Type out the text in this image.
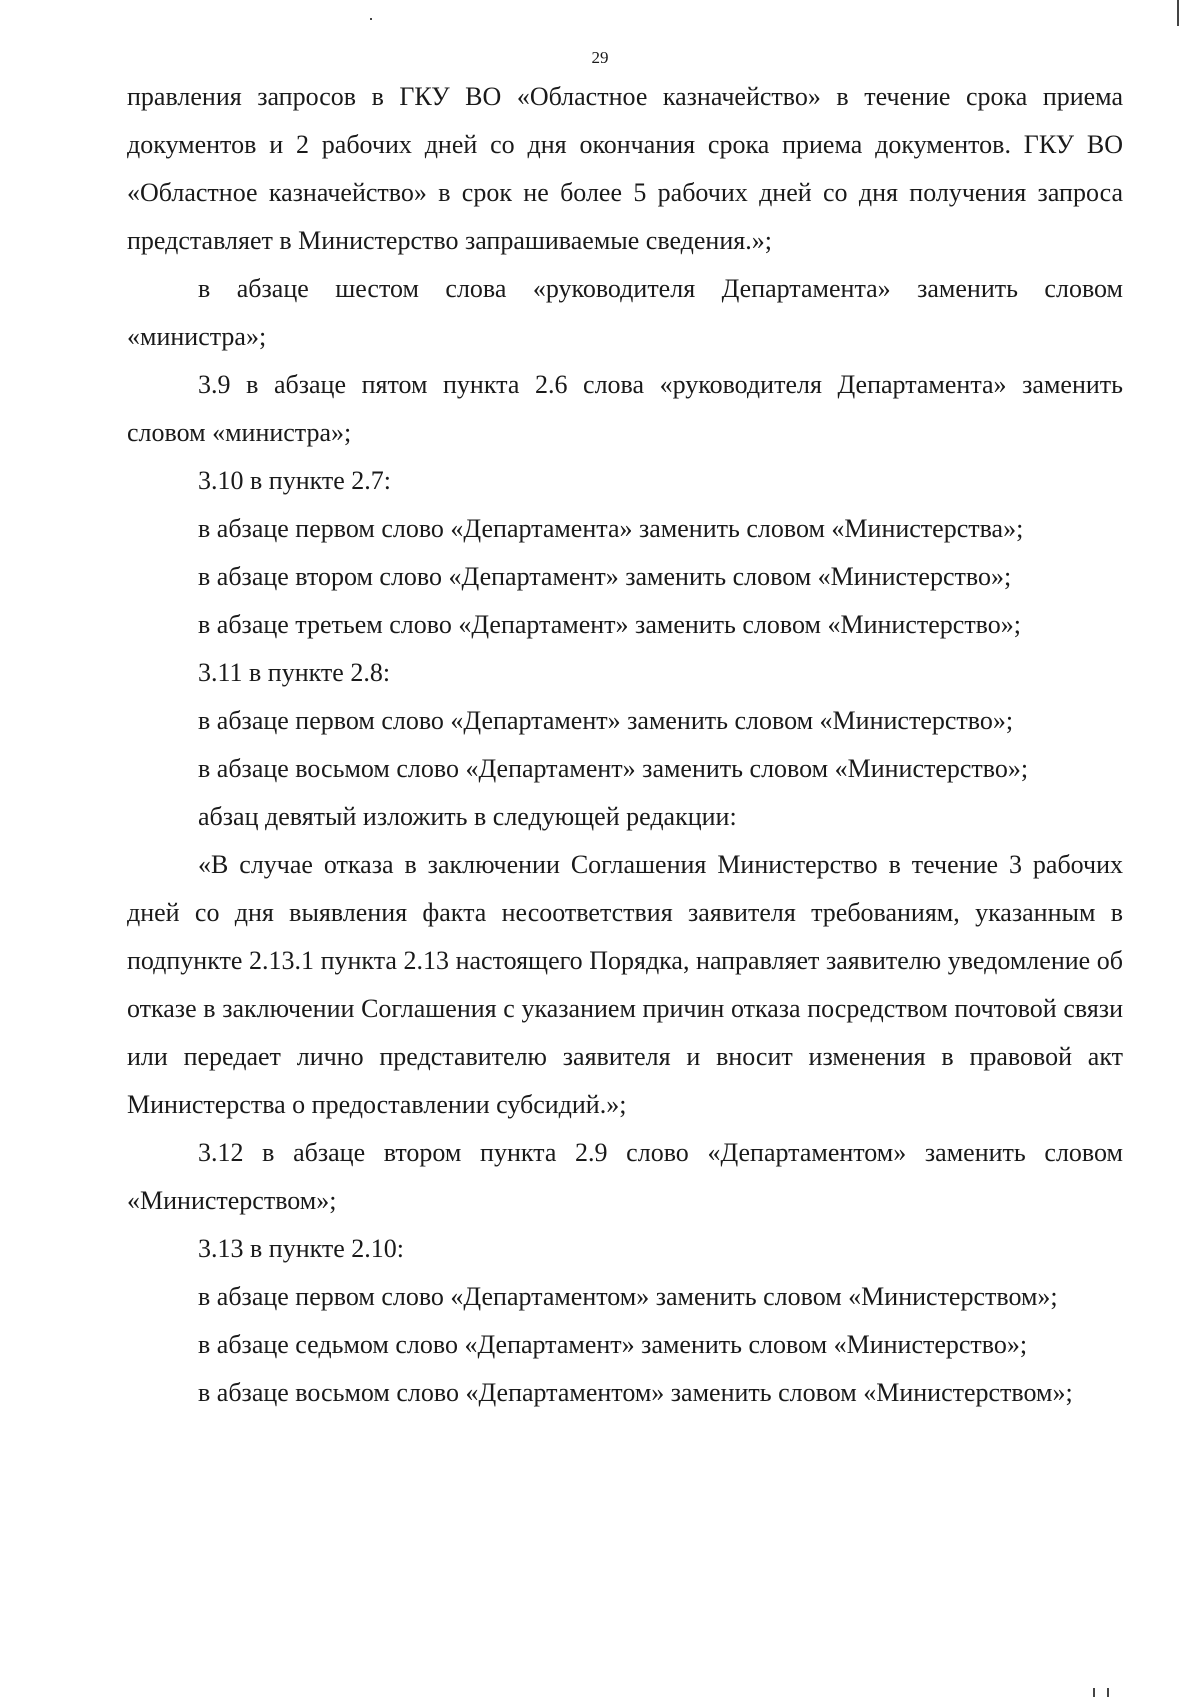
29

правления запросов в ГКУ ВО «Областное казначейство» в течение срока приема документов и 2 рабочих дней со дня окончания срока приема документов. ГКУ ВО «Областное казначейство» в срок не более 5 рабочих дней со дня получения запроса представляет в Министерство запрашиваемые сведения.»;

в абзаце шестом слова «руководителя Департамента» заменить словом «министра»;

3.9 в абзаце пятом пункта 2.6 слова «руководителя Департамента» заменить словом «министра»;

3.10 в пункте 2.7:

в абзаце первом слово «Департамента» заменить словом «Министерства»;

в абзаце втором слово «Департамент» заменить словом «Министерство»;

в абзаце третьем слово «Департамент» заменить словом «Министерство»;

3.11 в пункте 2.8:

в абзаце первом слово «Департамент» заменить словом «Министерство»;

в абзаце восьмом слово «Департамент» заменить словом «Министерство»;

абзац девятый изложить в следующей редакции:

«В случае отказа в заключении Соглашения Министерство в течение 3 рабочих дней со дня выявления факта несоответствия заявителя требованиям, указанным в подпункте 2.13.1 пункта 2.13 настоящего Порядка, направляет заявителю уведомление об отказе в заключении Соглашения с указанием причин отказа посредством почтовой связи или передает лично представителю заявителя и вносит изменения в правовой акт Министерства о предоставлении субсидий.»;

3.12 в абзаце втором пункта 2.9 слово «Департаментом» заменить словом «Министерством»;

3.13 в пункте 2.10:

в абзаце первом слово «Департаментом» заменить словом «Министерством»;

в абзаце седьмом слово «Департамент» заменить словом «Министерство»;

в абзаце восьмом слово «Департаментом» заменить словом «Министерством»;
